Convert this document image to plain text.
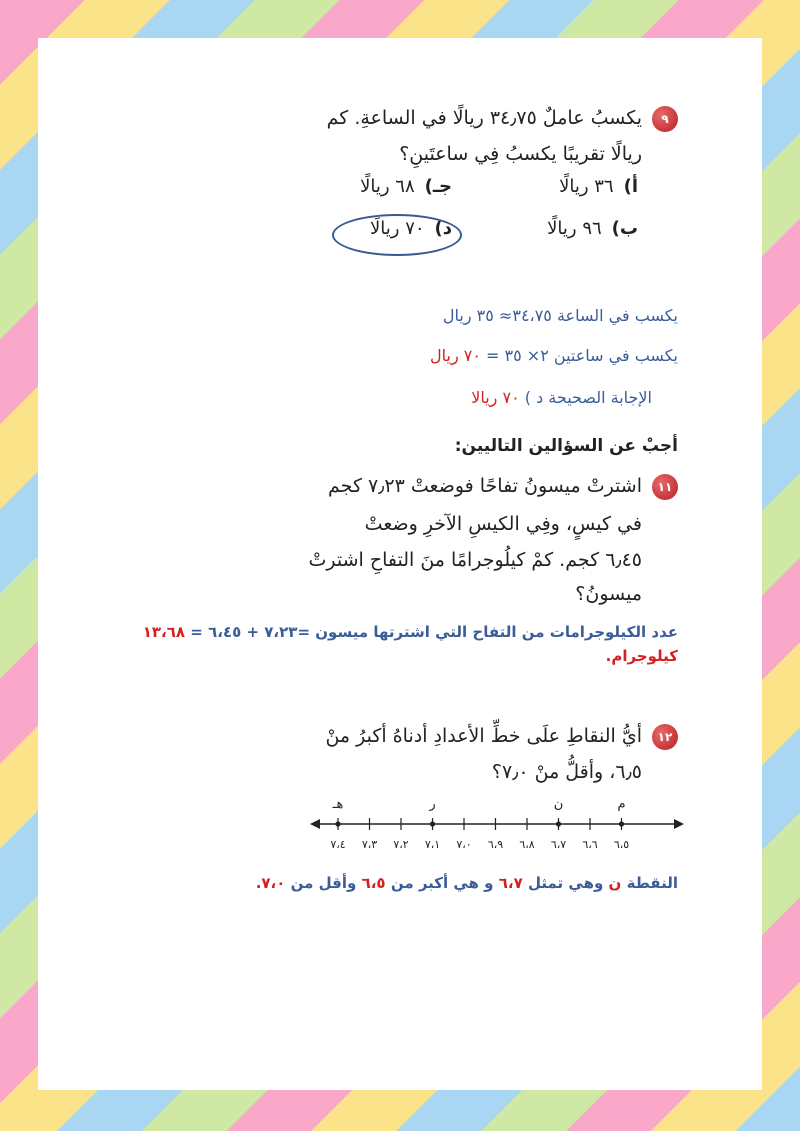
٩
يكسبُ عاملٌ ٣٤٫٧٥ ريالًا في الساعةِ. كم
ريالًا تقريبًا يكسبُ فِي ساعتَينِ؟
أ)
٣٦ ريالًا
جـ)
٦٨ ريالًا
ب)
٩٦ ريالًا
د)
٧٠ ريالًا
يكسب في الساعة ٣٤،٧٥≈ ٣٥ ريال
يكسب في ساعتين ٢× ٣٥ = ٧٠ ريال
الإجابة الصحيحة د ) ٧٠ ريالا
أجبْ عن السؤالين التاليين:
١١
اشترتْ ميسونُ تفاحًا فوضعتْ ٧٫٢٣ كجم
في كيسٍ، وفِي الكيسِ الآخرِ وضعتْ
٦٫٤٥ كجم. كمْ كيلُوجرامًا منَ التفاحِ اشترتْ
ميسونُ؟
عدد الكيلوجرامات من التفاح التي اشترتها ميسون =٧،٢٣ + ٦،٤٥ = ١٣،٦٨ كيلوجرام.
١٢
أيُّ النقاطِ علَى خطِّ الأعدادِ أدناهُ أكبرُ منْ
٦٫٥، وأقلُّ منْ ٧٫٠؟
٦،٥
٦،٦
٦،٧
٦،٨
٦،٩
٧،٠
٧،١
٧،٢
٧،٣
٧،٤
م
ن
ر
هـ
النقطة ن وهي تمثل ٦،٧ و هي أكبر من ٦،٥ وأقل من ٧،٠.
